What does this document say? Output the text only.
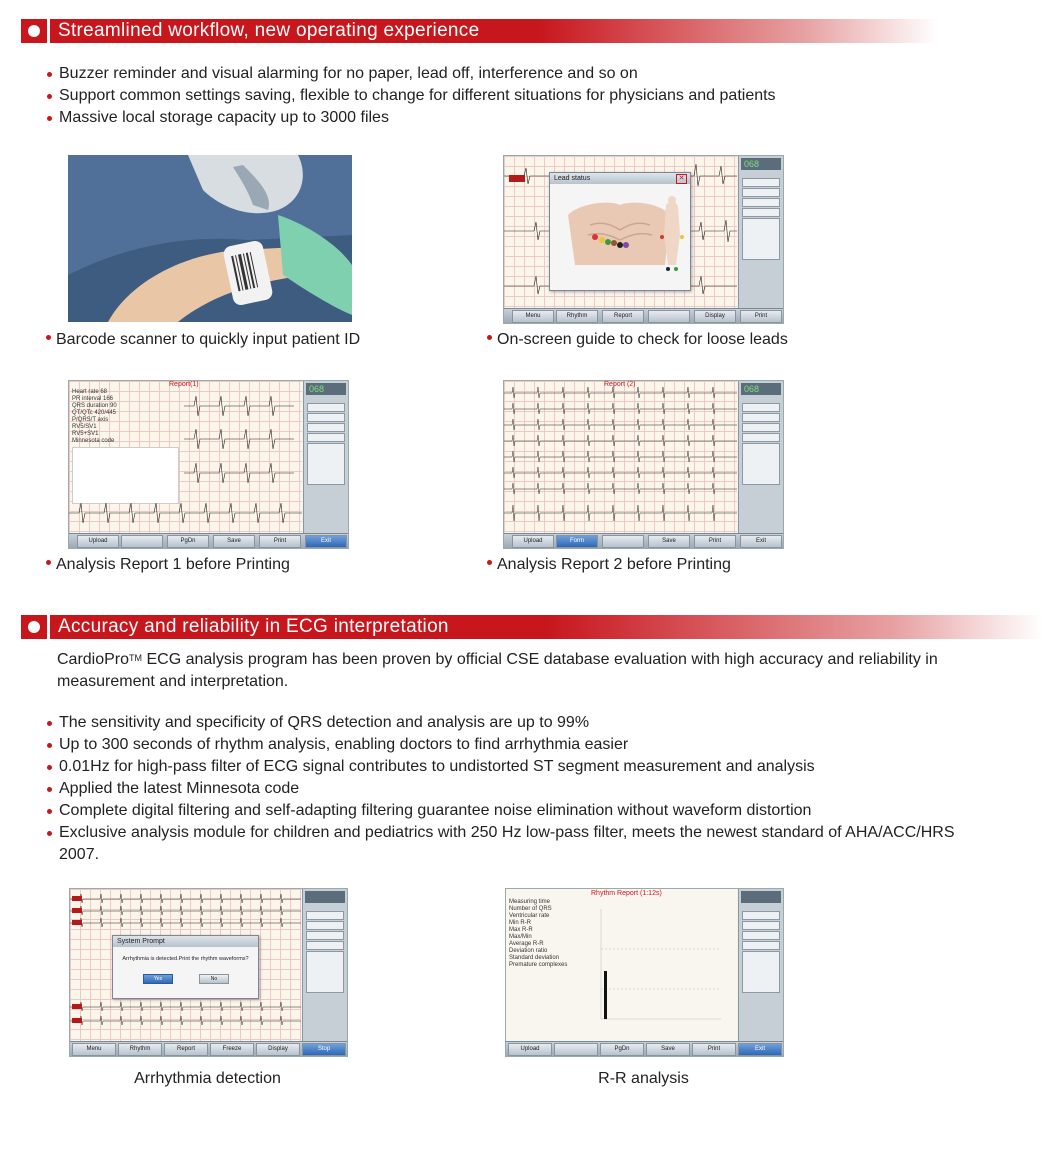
Streamlined workflow, new operating experience
Buzzer reminder and visual alarming for no paper, lead off, interference and so on
Support common settings saving, flexible to change for different situations for physicians and patients
Massive local storage capacity up to 3000 files
Barcode scanner to quickly input patient ID
Lead status	✕
068
Menu	Rhythm	Report	Display	Print
On-screen guide to check for loose leads
Report(1)
Heart rate 68
PR interval 166
QRS duration 90
QT/QTc 420/445
P/QRS/T axis
RV5/SV1
RV5+SV1
Minnesota code
068
Upload	PgDn	Save	Print	Exit
Analysis Report 1 before Printing
Report (2)	068
Upload	Form	Save	Print	Exit
Analysis Report 2 before Printing
Accuracy and reliability in ECG interpretation
CardioPro™ ECG analysis program has been proven by official CSE database evaluation with high accuracy and reliability in measurement and interpretation.
The sensitivity and specificity of QRS detection and analysis are up to 99%
Up to 300 seconds of rhythm analysis, enabling doctors to find arrhythmia easier
0.01Hz for high-pass filter of ECG signal contributes to undistorted ST segment measurement and analysis
Applied the latest Minnesota code
Complete digital filtering and self-adapting filtering guarantee noise elimination without waveform distortion
Exclusive analysis module for children and pediatrics with 250 Hz low-pass filter, meets the newest standard of AHA/ACC/HRS 2007.
System Prompt
Arrhythmia is detected.Print the rhythm waveforms?
Yes	No
Menu	Rhythm	Report	Freeze	Display	Stop
Arrhythmia detection
Rhythm Report (1:12s)
Measuring time
Number of QRS
Ventricular rate
Min R-R
Max R-R
Max/Min
Average R-R
Deviation ratio
Standard deviation
Premature complexes
Upload	PgDn	Save	Print	Exit
R-R analysis
